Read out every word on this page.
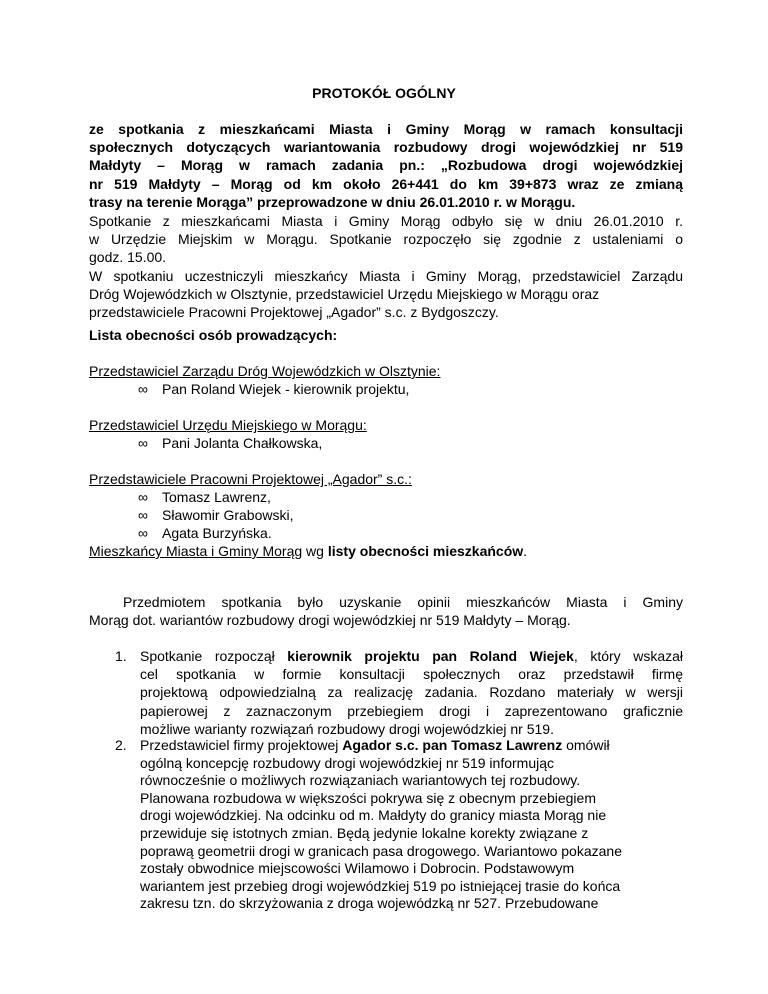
PROTOKÓŁ OGÓLNY
ze spotkania z mieszkańcami Miasta i Gminy Morąg w ramach konsultacji
społecznych dotyczących wariantowania rozbudowy drogi wojewódzkiej nr 519
Małdyty – Morąg w ramach zadania pn.: „Rozbudowa drogi wojewódzkiej
nr 519 Małdyty – Morąg od km około 26+441 do km 39+873 wraz ze zmianą
trasy na terenie Morąga” przeprowadzone w dniu 26.01.2010 r. w Morągu.
Spotkanie z mieszkańcami Miasta i Gminy Morąg odbyło się w dniu 26.01.2010 r.
w Urzędzie Miejskim w Morągu. Spotkanie rozpoczęło się zgodnie z ustaleniami o
godz. 15.00.
W spotkaniu uczestniczyli mieszkańcy Miasta i Gminy Morąg, przedstawiciel Zarządu
Dróg Wojewódzkich w Olsztynie, przedstawiciel Urzędu Miejskiego w Morągu oraz
przedstawiciele Pracowni Projektowej „Agador” s.c. z Bydgoszczy.
Lista obecności osób prowadzących:
Przedstawiciel Zarządu Dróg Wojewódzkich w Olsztynie:
∞ Pan Roland Wiejek - kierownik projektu,
Przedstawiciel Urzędu Miejskiego w Morągu:
∞ Pani Jolanta Chałkowska,
Przedstawiciele Pracowni Projektowej „Agador” s.c.:
∞ Tomasz Lawrenz,
∞ Sławomir Grabowski,
∞ Agata Burzyńska.
Mieszkańcy Miasta i Gminy Morąg wg listy obecności mieszkańców.
Przedmiotem spotkania było uzyskanie opinii mieszkańców Miasta i Gminy
Morąg dot. wariantów rozbudowy drogi wojewódzkiej nr 519 Małdyty – Morąg.
1. Spotkanie rozpoczął kierownik projektu pan Roland Wiejek, który wskazał
cel spotkania w formie konsultacji społecznych oraz przedstawił firmę
projektową odpowiedzialną za realizację zadania. Rozdano materiały w wersji
papierowej z zaznaczonym przebiegiem drogi i zaprezentowano graficznie
możliwe warianty rozwiązań rozbudowy drogi wojewódzkiej nr 519.
2. Przedstawiciel firmy projektowej Agador s.c. pan Tomasz Lawrenz omówił
ogólną koncepcję rozbudowy drogi wojewódzkiej nr 519 informując
równocześnie o możliwych rozwiązaniach wariantowych tej rozbudowy.
Planowana rozbudowa w większości pokrywa się z obecnym przebiegiem
drogi wojewódzkiej. Na odcinku od m. Małdyty do granicy miasta Morąg nie
przewiduje się istotnych zmian. Będą jedynie lokalne korekty związane z
poprawą geometrii drogi w granicach pasa drogowego. Wariantowo pokazane
zostały obwodnice miejscowości Wilamowo i Dobrocin. Podstawowym
wariantem jest przebieg drogi wojewódzkiej 519 po istniejącej trasie do końca
zakresu tzn. do skrzyżowania z droga wojewódzką nr 527. Przebudowane
